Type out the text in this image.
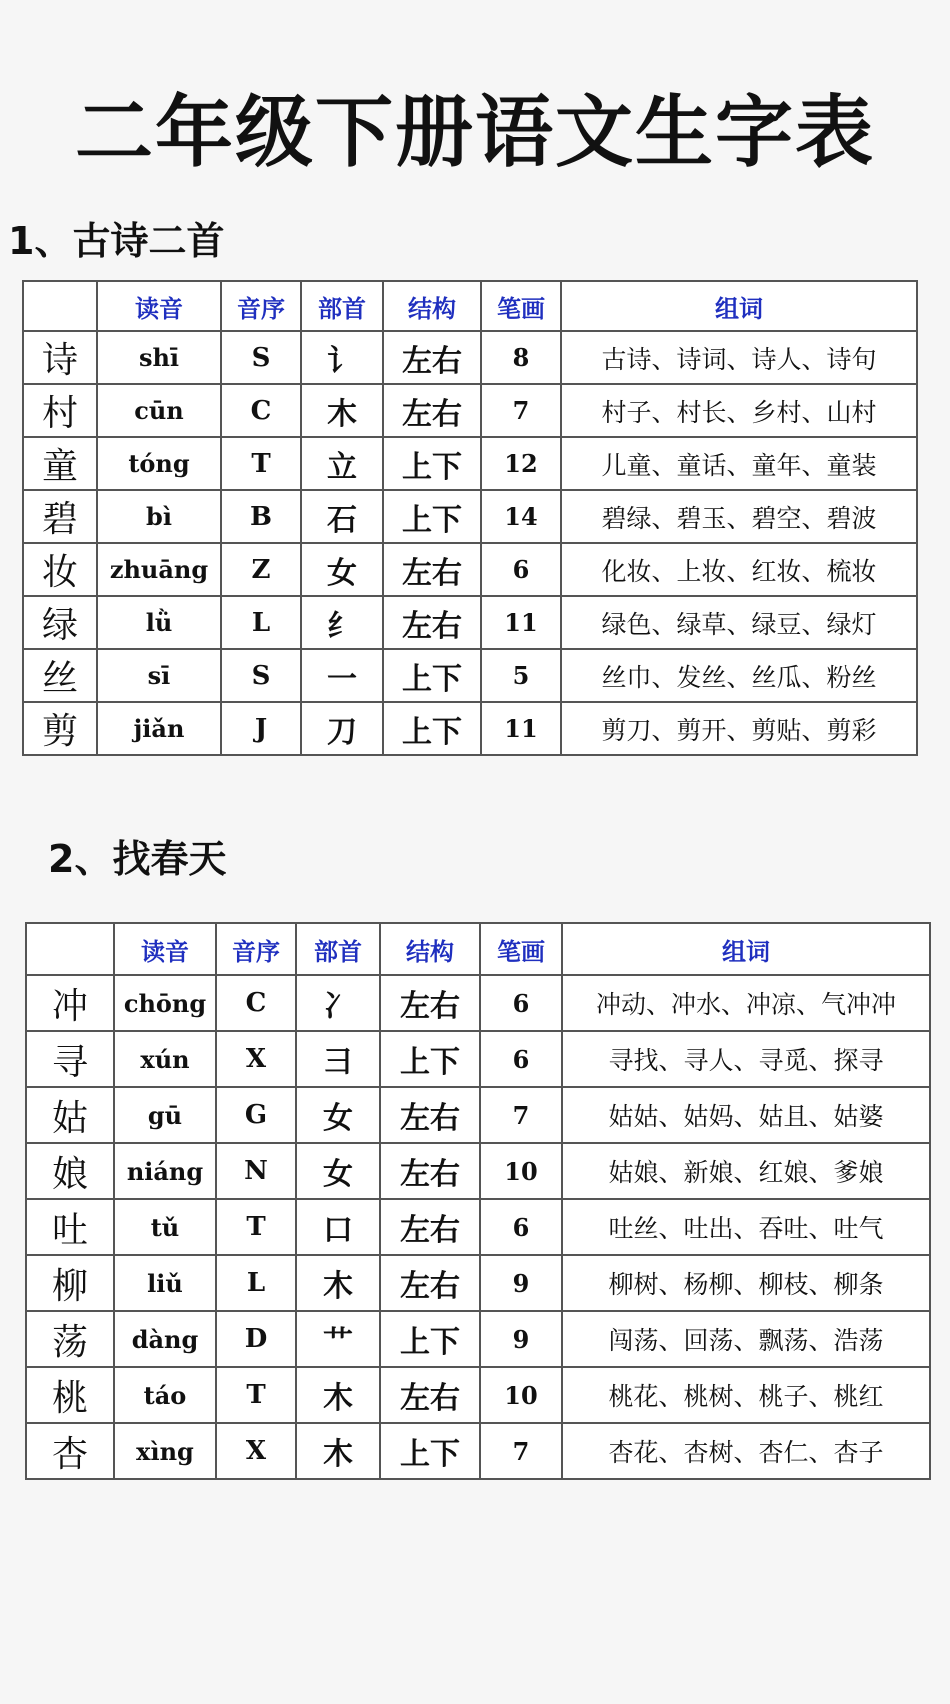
二年级下册语文生字表
1、古诗二首
	读音	音序	部首	结构	笔画	组词
诗	shī	S	讠	左右	8	古诗、诗词、诗人、诗句
村	cūn	C	木	左右	7	村子、村长、乡村、山村
童	tóng	T	立	上下	12	儿童、童话、童年、童装
碧	bì	B	石	上下	14	碧绿、碧玉、碧空、碧波
妆	zhuāng	Z	女	左右	6	化妆、上妆、红妆、梳妆
绿	lǜ	L	纟	左右	11	绿色、绿草、绿豆、绿灯
丝	sī	S	一	上下	5	丝巾、发丝、丝瓜、粉丝
剪	jiǎn	J	刀	上下	11	剪刀、剪开、剪贴、剪彩
2、找春天
	读音	音序	部首	结构	笔画	组词
冲	chōng	C	冫	左右	6	冲动、冲水、冲凉、气冲冲
寻	xún	X	彐	上下	6	寻找、寻人、寻觅、探寻
姑	gū	G	女	左右	7	姑姑、姑妈、姑且、姑婆
娘	niáng	N	女	左右	10	姑娘、新娘、红娘、爹娘
吐	tǔ	T	口	左右	6	吐丝、吐出、吞吐、吐气
柳	liǔ	L	木	左右	9	柳树、杨柳、柳枝、柳条
荡	dàng	D	艹	上下	9	闯荡、回荡、飘荡、浩荡
桃	táo	T	木	左右	10	桃花、桃树、桃子、桃红
杏	xìng	X	木	上下	7	杏花、杏树、杏仁、杏子
